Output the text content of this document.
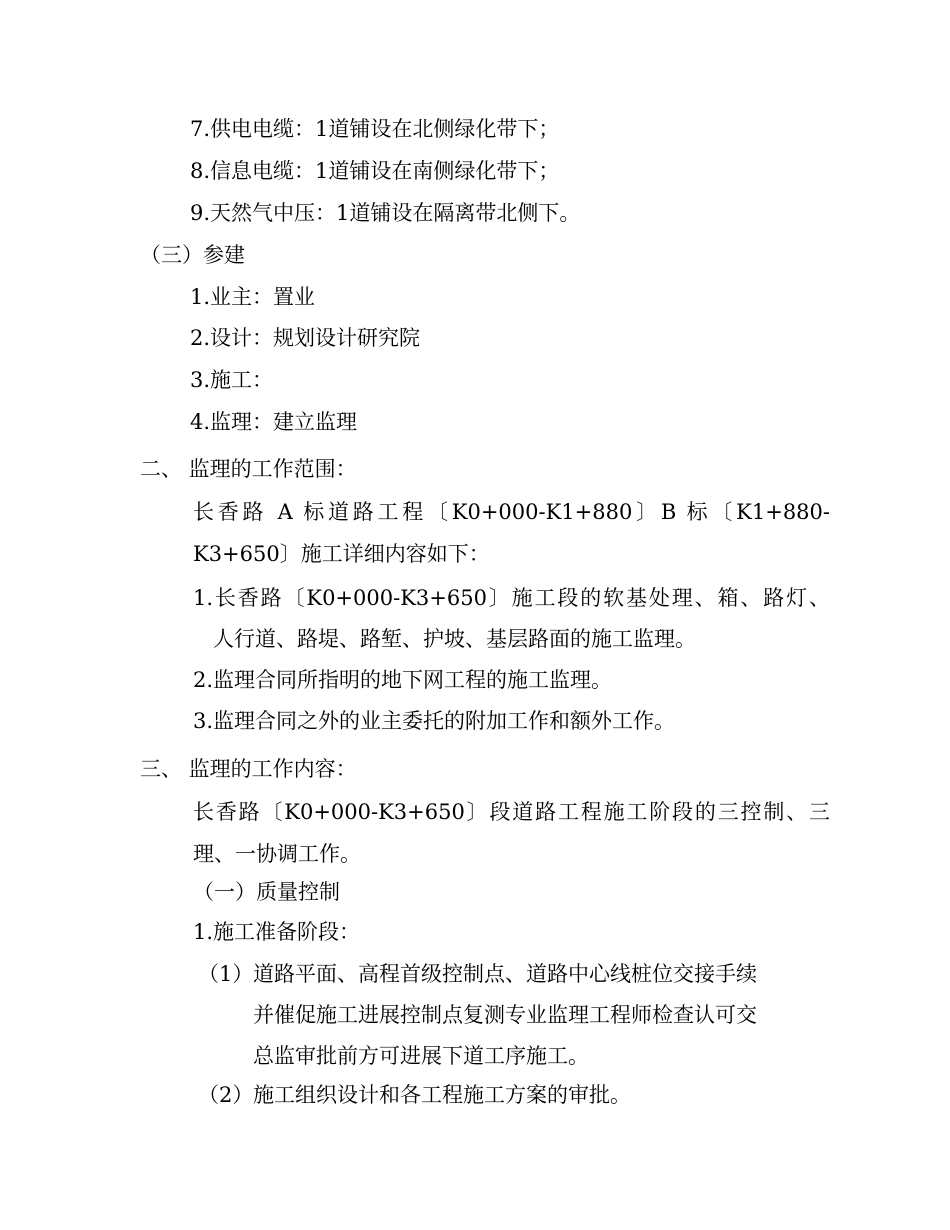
7.供电电缆：1道铺设在北侧绿化带下；
8.信息电缆：1道铺设在南侧绿化带下；
9.天然气中压：1道铺设在隔离带北侧下。
（三）参建
1.业主：置业
2.设计：规划设计研究院
3.施工：
4.监理：建立监理
二、 监理的工作范围：
长香路 A 标道路工程〔K0+000-K1+880〕B 标〔K1+880-
K3+650〕施工详细内容如下：
1.长香路〔K0+000-K3+650〕施工段的软基处理、箱、路灯、
人行道、路堤、路堑、护坡、基层路面的施工监理。
2.监理合同所指明的地下网工程的施工监理。
3.监理合同之外的业主委托的附加工作和额外工作。
三、 监理的工作内容：
长香路〔K0+000-K3+650〕段道路工程施工阶段的三控制、三
理、一协调工作。
（一）质量控制
1.施工准备阶段：
（1） 道路平面、高程首级控制点、道路中心线桩位交接手续
并催促施工进展控制点复测专业监理工程师检查认可交
总监审批前方可进展下道工序施工。
（2） 施工组织设计和各工程施工方案的审批。
